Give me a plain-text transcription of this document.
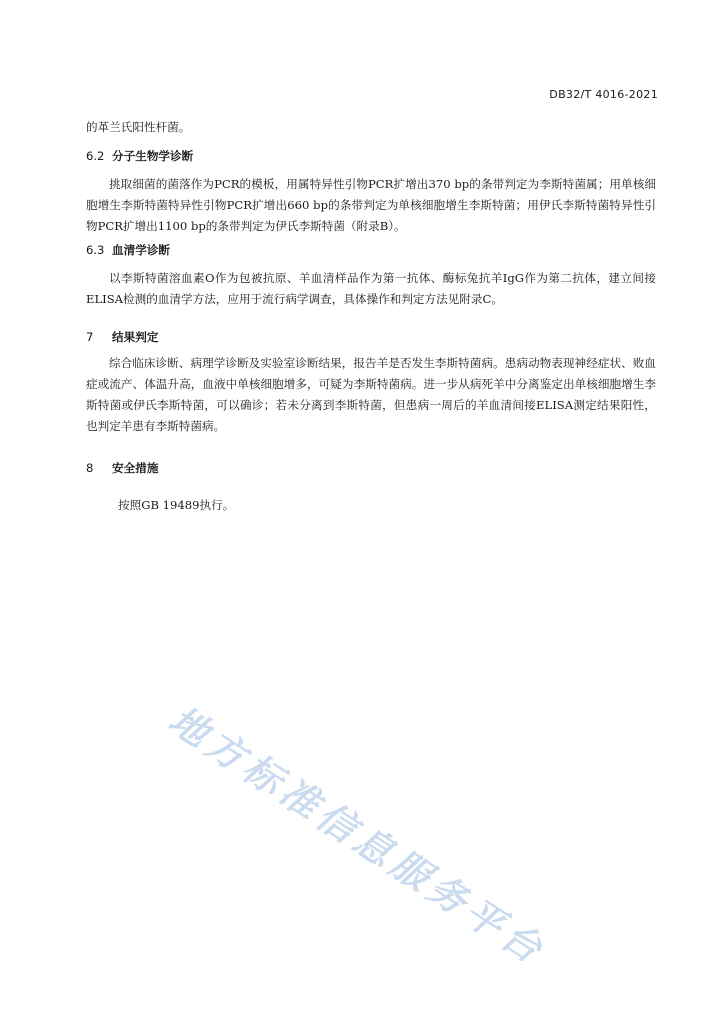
DB32/T 4016-2021

的革兰氏阳性杆菌。

6.2 分子生物学诊断

挑取细菌的菌落作为PCR的模板，用属特异性引物PCR扩增出370 bp的条带判定为李斯特菌属；用单核细胞增生李斯特菌特异性引物PCR扩增出660 bp的条带判定为单核细胞增生李斯特菌；用伊氏李斯特菌特异性引物PCR扩增出1100 bp的条带判定为伊氏李斯特菌（附录B）。

6.3 血清学诊断

以李斯特菌溶血素O作为包被抗原、羊血清样品作为第一抗体、酶标兔抗羊IgG作为第二抗体，建立间接ELISA检测的血清学方法，应用于流行病学调查，具体操作和判定方法见附录C。

7 结果判定

综合临床诊断、病理学诊断及实验室诊断结果，报告羊是否发生李斯特菌病。患病动物表现神经症状、败血症或流产、体温升高，血液中单核细胞增多，可疑为李斯特菌病。进一步从病死羊中分离鉴定出单核细胞增生李斯特菌或伊氏李斯特菌，可以确诊；若未分离到李斯特菌，但患病一周后的羊血清间接ELISA测定结果阳性，也判定羊患有李斯特菌病。

8 安全措施

按照GB 19489执行。

地方标准信息服务平台
